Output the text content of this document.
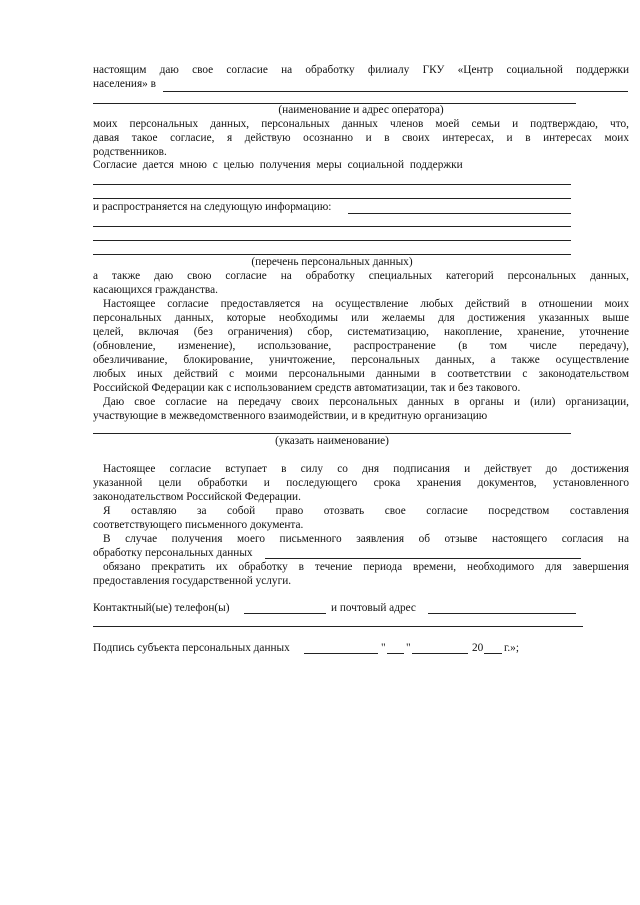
настоящим даю свое согласие на обработку филиалу ГКУ «Центр социальной поддержки
населения» в
(наименование и адрес оператора)
моих персональных данных, персональных данных членов моей семьи и подтверждаю, что,
давая такое согласие, я действую осознанно и в своих интересах, и в интересах моих
родственников.
Согласие дается мною с целью получения меры социальной поддержки
и распространяется на следующую информацию:
(перечень персональных данных)
а также даю свою согласие на обработку специальных категорий персональных данных,
касающихся гражданства.
Настоящее согласие предоставляется на осуществление любых действий в отношении моих
персональных данных, которые необходимы или желаемы для достижения указанных выше
целей, включая (без ограничения) сбор, систематизацию, накопление, хранение, уточнение
(обновление, изменение), использование, распространение (в том числе передачу),
обезличивание, блокирование, уничтожение, персональных данных, а также осуществление
любых иных действий с моими персональными данными в соответствии с законодательством
Российской Федерации как с использованием средств автоматизации, так и без такового.
Даю свое согласие на передачу своих персональных данных в органы и (или) организации,
участвующие в межведомственного взаимодействии, и в кредитную организацию
(указать наименование)
Настоящее согласие вступает в силу со дня подписания и действует до достижения
указанной цели обработки и последующего срока хранения документов, установленного
законодательством Российской Федерации.
Я оставляю за собой право отозвать свое согласие посредством составления
соответствующего письменного документа.
В случае получения моего письменного заявления об отзыве настоящего согласия на
обработку персональных данных
обязано прекратить их обработку в течение периода времени, необходимого для завершения
предоставления государственной услуги.
Контактный(ые) телефон(ы)	и почтовый адрес
Подпись субъекта персональных данных	" "	20 г.»;
